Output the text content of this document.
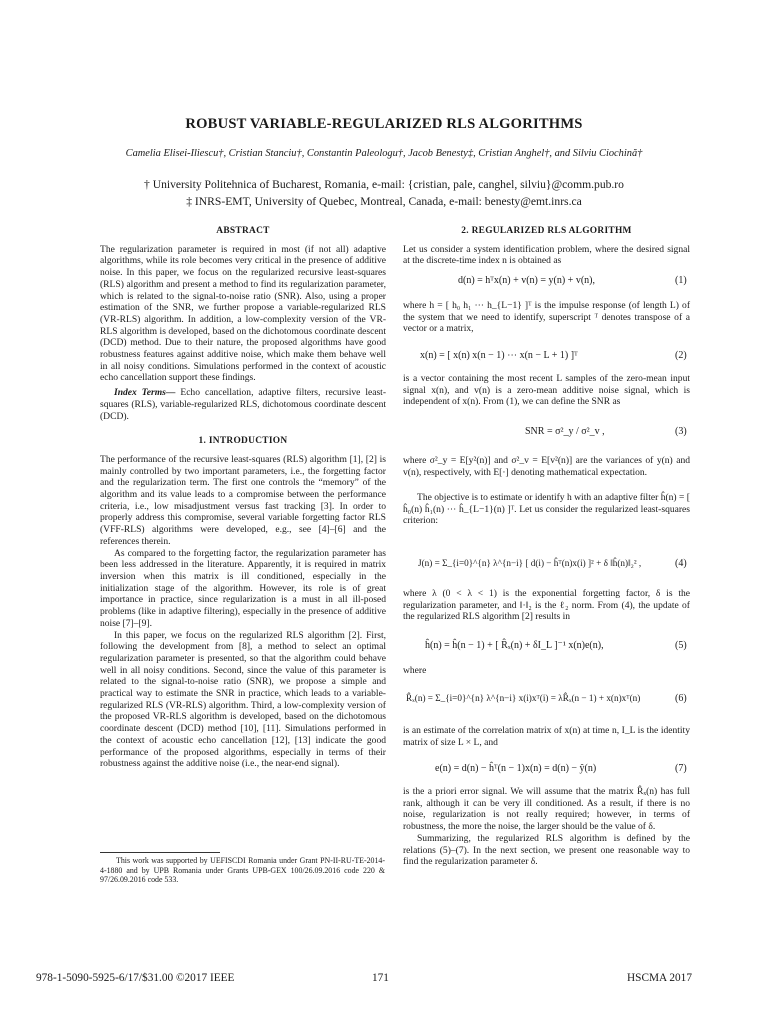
ROBUST VARIABLE-REGULARIZED RLS ALGORITHMS
Camelia Elisei-Iliescu†, Cristian Stanciu†, Constantin Paleologu†, Jacob Benesty‡, Cristian Anghel†, and Silviu Ciochină†
† University Politehnica of Bucharest, Romania, e-mail: {cristian, pale, canghel, silviu}@comm.pub.ro
‡ INRS-EMT, University of Quebec, Montreal, Canada, e-mail: benesty@emt.inrs.ca
ABSTRACT

The regularization parameter is required in most (if not all) adaptive algorithms, while its role becomes very critical in the presence of additive noise. In this paper, we focus on the regularized recursive least-squares (RLS) algorithm and present a method to find its regularization parameter, which is related to the signal-to-noise ratio (SNR). Also, using a proper estimation of the SNR, we further propose a variable-regularized RLS (VR-RLS) algorithm. In addition, a low-complexity version of the VR-RLS algorithm is developed, based on the dichotomous coordinate descent (DCD) method. Due to their nature, the proposed algorithms have good robustness features against additive noise, which make them behave well in all noisy conditions. Simulations performed in the context of acoustic echo cancellation support these findings.

Index Terms— Echo cancellation, adaptive filters, recursive least-squares (RLS), variable-regularized RLS, dichotomous coordinate descent (DCD).

1. INTRODUCTION

The performance of the recursive least-squares (RLS) algorithm [1], [2] is mainly controlled by two important parameters, i.e., the forgetting factor and the regularization term. The first one controls the “memory” of the algorithm and its value leads to a compromise between the performance criteria, i.e., low misadjustment versus fast tracking [3]. In order to properly address this compromise, several variable forgetting factor RLS (VFF-RLS) algorithms were developed, e.g., see [4]–[6] and the references therein.

As compared to the forgetting factor, the regularization parameter has been less addressed in the literature. Apparently, it is required in matrix inversion when this matrix is ill conditioned, especially in the initialization stage of the algorithm. However, its role is of great importance in practice, since regularization is a must in all ill-posed problems (like in adaptive filtering), especially in the presence of additive noise [7]–[9].

In this paper, we focus on the regularized RLS algorithm [2]. First, following the development from [8], a method to select an optimal regularization parameter is presented, so that the algorithm could behave well in all noisy conditions. Second, since the value of this parameter is related to the signal-to-noise ratio (SNR), we propose a simple and practical way to estimate the SNR in practice, which leads to a variable-regularized RLS (VR-RLS) algorithm. Third, a low-complexity version of the proposed VR-RLS algorithm is developed, based on the dichotomous coordinate descent (DCD) method [10], [11]. Simulations performed in the context of acoustic echo cancellation [12], [13] indicate the good performance of the proposed algorithms, especially in terms of their robustness against the additive noise (i.e., the near-end signal).

This work was supported by UEFISCDI Romania under Grant PN-II-RU-TE-2014-4-1880 and by UPB Romania under Grants UPB-GEX 100/26.09.2016 code 220 & 97/26.09.2016 code 533.
2. REGULARIZED RLS ALGORITHM

Let us consider a system identification problem, where the desired signal at the discrete-time index n is obtained as

d(n) = hᵀx(n) + v(n) = y(n) + v(n),	(1)
where h = [ h₀ h₁ ⋯ h_{L−1} ]ᵀ is the impulse response (of length L) of the system that we need to identify, superscript ᵀ denotes transpose of a vector or a matrix,
x(n) = [ x(n) x(n − 1) ⋯ x(n − L + 1) ]ᵀ	(2)
is a vector containing the most recent L samples of the zero-mean input signal x(n), and v(n) is a zero-mean additive noise signal, which is independent of x(n). From (1), we can define the SNR as
SNR = σ²_y / σ²_v ,	(3)
where σ²_y = E[y²(n)] and σ²_v = E[v²(n)] are the variances of y(n) and v(n), respectively, with E[·] denoting mathematical expectation.
The objective is to estimate or identify h with an adaptive filter ĥ(n) = [ ĥ₀(n) ĥ₁(n) ⋯ ĥ_{L−1}(n) ]ᵀ. Let us consider the regularized least-squares criterion:
J(n) = Σ_{i=0}^{n} λ^{n−i} [ d(i) − ĥᵀ(n)x(i) ]² + δ ‖ĥ(n)‖₂² ,	(4)
where λ (0 < λ < 1) is the exponential forgetting factor, δ is the regularization parameter, and ‖·‖₂ is the ℓ₂ norm. From (4), the update of the regularized RLS algorithm [2] results in
ĥ(n) = ĥ(n − 1) + [ R̂ₓ(n) + δI_L ]⁻¹ x(n)e(n),	(5)
where
R̂ₓ(n) = Σ_{i=0}^{n} λ^{n−i} x(i)xᵀ(i) = λR̂ₓ(n − 1) + x(n)xᵀ(n)	(6)
is an estimate of the correlation matrix of x(n) at time n, I_L is the identity matrix of size L × L, and
e(n) = d(n) − ĥᵀ(n − 1)x(n) = d(n) − ŷ(n)	(7)

is the a priori error signal. We will assume that the matrix R̂ₓ(n) has full rank, although it can be very ill conditioned. As a result, if there is no noise, regularization is not really required; however, in terms of robustness, the more the noise, the larger should be the value of δ.

Summarizing, the regularized RLS algorithm is defined by the relations (5)–(7). In the next section, we present one reasonable way to find the regularization parameter δ.

978-1-5090-5925-6/17/$31.00 ©2017 IEEE	171	HSCMA 2017
